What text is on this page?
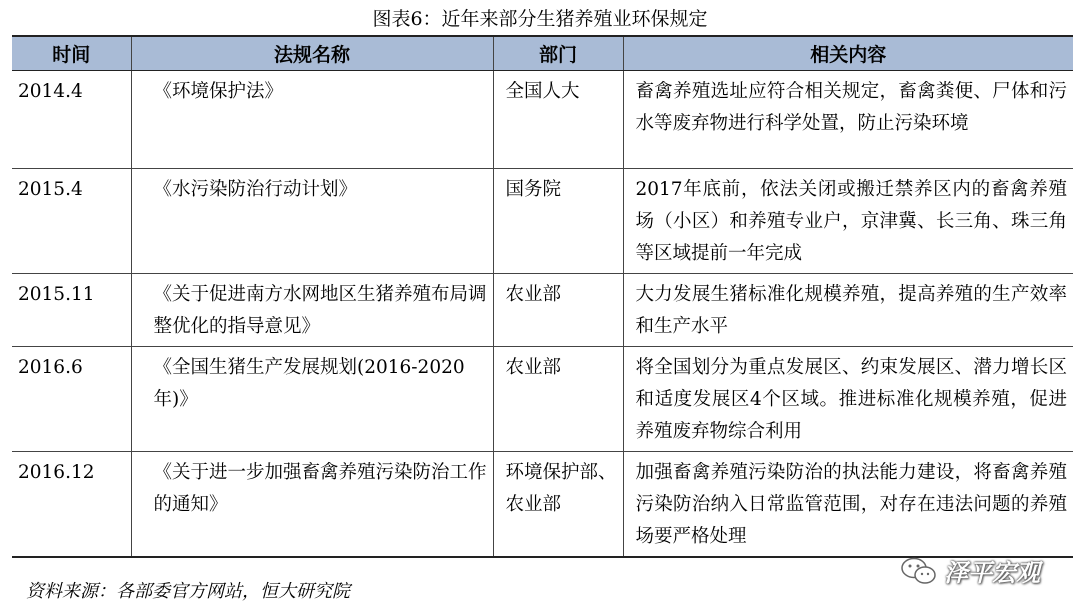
图表6：近年来部分生猪养殖业环保规定
时间	法规名称	部门	相关内容
2014.4	《环境保护法》	全国人大	畜禽养殖选址应符合相关规定，畜禽粪便、尸体和污水等废弃物进行科学处置，防止污染环境
2015.4	《水污染防治行动计划》	国务院	2017年底前，依法关闭或搬迁禁养区内的畜禽养殖场（小区）和养殖专业户，京津冀、长三角、珠三角等区域提前一年完成
2015.11	《关于促进南方水网地区生猪养殖布局调整优化的指导意见》	农业部	大力发展生猪标准化规模养殖，提高养殖的生产效率和生产水平
2016.6	《全国生猪生产发展规划(2016-2020年)》	农业部	将全国划分为重点发展区、约束发展区、潜力增长区和适度发展区4个区域。推进标准化规模养殖，促进养殖废弃物综合利用
2016.12	《关于进一步加强畜禽养殖污染防治工作的通知》	环境保护部、农业部	加强畜禽养殖污染防治的执法能力建设，将畜禽养殖污染防治纳入日常监管范围，对存在违法问题的养殖场要严格处理
资料来源：各部委官方网站，恒大研究院
泽平宏观
